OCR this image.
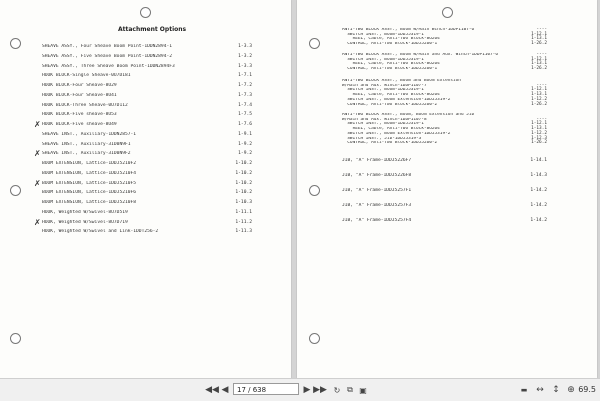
Attachment Options
SHEAVE ASSY., Four Sheave Boom Point-1DDN2894-1	1-3.3
SHEAVE ASSY., Five Sheave Boom Point-1DDN2894-2	1-3.2
SHEAVE ASSY., Three Sheave Boom Point-1DDN2894F3	1-3.3
HOOK BLOCK-Single Sheave-0U7D181	1-7.1
HOOK BLOCK-Four Sheave-8U29	1-7.2
HOOK BLOCK-Four Sheave-8U41	1-7.3
HOOK BLOCK-Three Sheave-0U7D112	1-7.4
HOOK BLOCK-Five sheave-8U53	1-7.5
HOOK BLOCK-Five sheave-8U49	1-7.6
✗
SHEAVE INST., Auxiliary-1DDN2857-1	1-9.1
SHEAVE INST., Auxiliary-3ID0N9F1	1-9.2
SHEAVE INST., Auxiliary-3ID0N9F2	1-9.2
✗
BOOM EXTENSION, Lattice-1DDJ5210F2	1-10.2
BOOM EXTENSION, Lattice-1DDJ5210F4	1-10.2
BOOM EXTENSION, Lattice-1DDJ5210F5	1-10.2
✗
BOOM EXTENSION, Lattice-1DDJ5210F6	1-10.2
BOOM EXTENSION, Lattice-1DDJ5210F8	1-10.3
HOOK, Weighted W/Swivel-8U7D519	1-11.1
HOOK, Weighted W/Swivel-8U7D719	1-11.2
✗
HOOK, Weighted W/Swivel and Link-1DDT256-2	1-11.3
ANTI-TWO BLOCK ASSY., Boom W/Main Winch-1DDP1107-6	----
SWITCH INST., Boom-1DDJ5319-1	1-12.1
REEL, Cable, Anti-Two Block-8U264	1-13.1
CONTROL, Anti-Two Block-1DDJ5260-1	1-26.2
ANTI-TWO BLOCK ASSY., Boom W/Main and Aux. Winch-1DDP1107-6	----
SWITCH INST., Boom-1DDJ5319-1	1-12.1
REEL, Cable, Anti-Two Block-8U264	1-13.1
CONTROL, Anti-Two Block-1DDJ5260-1	1-26.2
ANTI-TWO BLOCK ASSY., Boom and Boom Extension
W/Main and Aux. Winch-1DDP1107-7	----
SWITCH INST., Boom-1DDJ5319-1	1-12.1
REEL, Cable, Anti-Two Block-8U264	1-13.1
SWITCH INST., Boom Extension-1DDJ5319-2	1-12.2
CONTROL, Anti-Two Block-1DDJ5260-2	1-26.2
ANTI-TWO BLOCK ASSY., Boom, Boom Extension and Jib
W/Main and Aux. Winch-1DDP1107-8	----
SWITCH INST., Boom-1DDJ5319-1	1-12.1
REEL, Cable, Anti-Two Block-8U264	1-13.1
SWITCH INST., Boom Extension-1DDJ5319-2	1-12.2
SWITCH INST., Jib-1DDJ5319-3	1-12.3
CONTROL, Anti-Two Block-1DDJ5260-2	1-26.2
JIB, "A" Frame-1DDJ5226F7	1-14.1
JIB, "A" Frame-1DDJ5226F8	1-14.3
JIB, "A" Frame-1DDJ5257F1	1-14.2
JIB, "A" Frame-1DDJ5257F3	1-14.2
JIB, "A" Frame-1DDJ5257F4	1-14.2
◀◀ ◀	17 / 638	▶ ▶▶ ↻ ⧉ ▣	▬ ↔ ↕ ⊕ 69.5
